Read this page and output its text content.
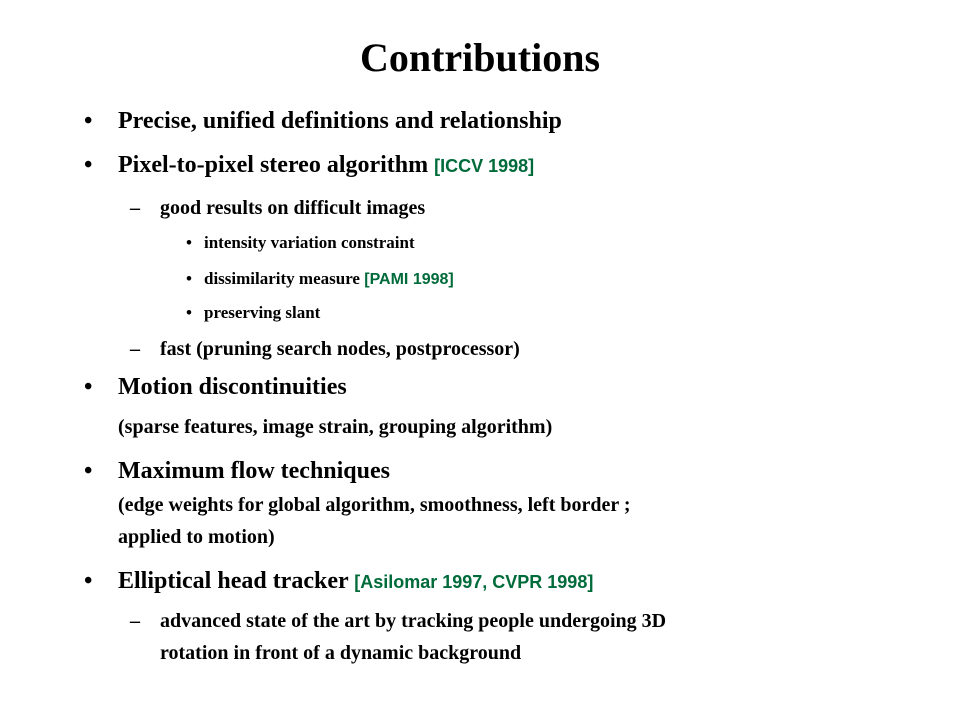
Contributions
• Precise, unified definitions and relationship
• Pixel-to-pixel stereo algorithm [ICCV 1998]
– good results on difficult images
• intensity variation constraint
• dissimilarity measure [PAMI 1998]
• preserving slant
– fast (pruning search nodes, postprocessor)
• Motion discontinuities
(sparse features, image strain, grouping algorithm)
• Maximum flow techniques
(edge weights for global algorithm, smoothness, left border ;
applied to motion)
• Elliptical head tracker [Asilomar 1997, CVPR 1998]
– advanced state of the art by tracking people undergoing 3D
rotation in front of a dynamic background
